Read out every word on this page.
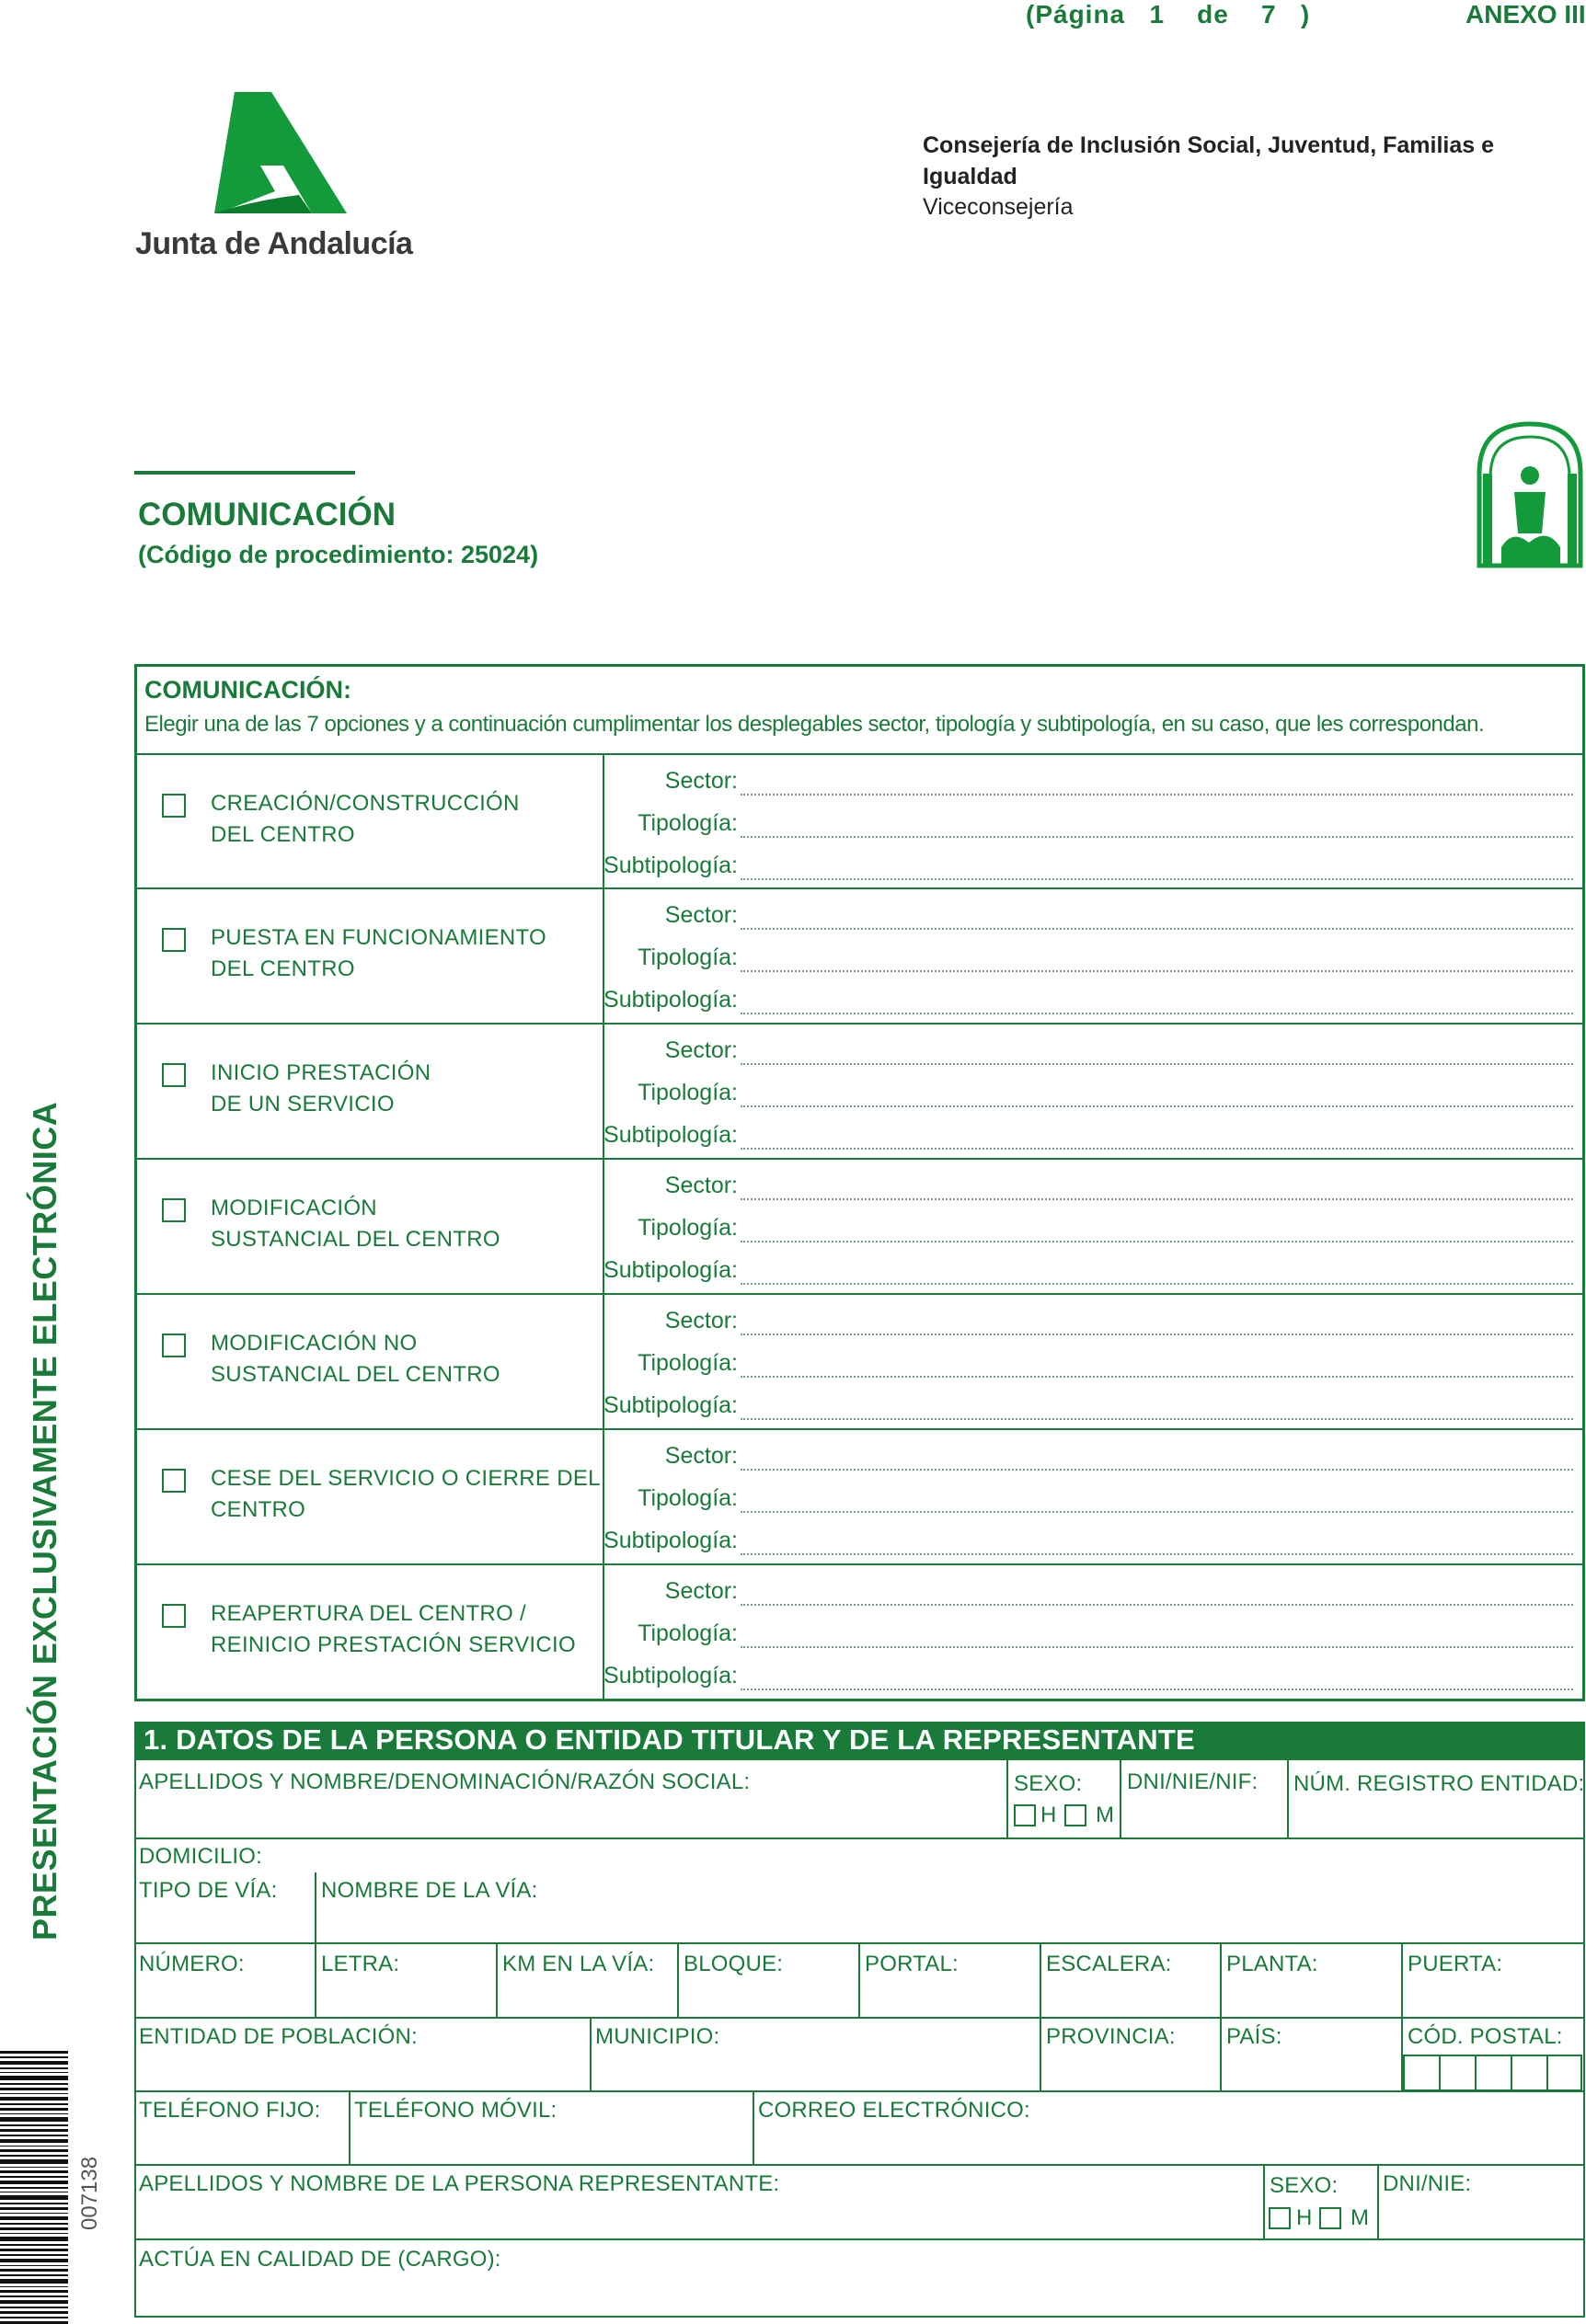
(Página   1    de    7   )	ANEXO III
Junta de Andalucía
Consejería de Inclusión Social, Juventud, Familias e Igualdad
Viceconsejería
COMUNICACIÓN
(Código de procedimiento: 25024)
PRESENTACIÓN EXCLUSIVAMENTE ELECTRÓNICA
007138
COMUNICACIÓN:
Elegir una de las 7 opciones y a continuación cumplimentar los desplegables sector, tipología y subtipología, en su caso, que les correspondan.
CREACIÓN/CONSTRUCCIÓN
DEL CENTRO
Sector:
Tipología:
Subtipología:
PUESTA EN FUNCIONAMIENTO
DEL CENTRO
Sector:
Tipología:
Subtipología:
INICIO PRESTACIÓN
DE UN SERVICIO
Sector:
Tipología:
Subtipología:
MODIFICACIÓN
SUSTANCIAL DEL CENTRO
Sector:
Tipología:
Subtipología:
MODIFICACIÓN NO
SUSTANCIAL DEL CENTRO
Sector:
Tipología:
Subtipología:
CESE DEL SERVICIO O CIERRE DEL
CENTRO
Sector:
Tipología:
Subtipología:
REAPERTURA DEL CENTRO /
REINICIO PRESTACIÓN SERVICIO
Sector:
Tipología:
Subtipología:
1. DATOS DE LA PERSONA O ENTIDAD TITULAR Y DE LA REPRESENTANTE
APELLIDOS Y NOMBRE/DENOMINACIÓN/RAZÓN SOCIAL:	SEXO:
H M
DNI/NIE/NIF: NÚM. REGISTRO ENTIDAD:
DOMICILIO:
TIPO DE VÍA: NOMBRE DE LA VÍA:
NÚMERO:	LETRA:	KM EN LA VÍA: BLOQUE:	PORTAL:	ESCALERA: PLANTA:	PUERTA:
ENTIDAD DE POBLACIÓN:	MUNICIPIO:	PROVINCIA: PAÍS:	CÓD. POSTAL:
TELÉFONO FIJO: TELÉFONO MÓVIL:	CORREO ELECTRÓNICO:
APELLIDOS Y NOMBRE DE LA PERSONA REPRESENTANTE:	SEXO:
H M
DNI/NIE:
ACTÚA EN CALIDAD DE (CARGO):
